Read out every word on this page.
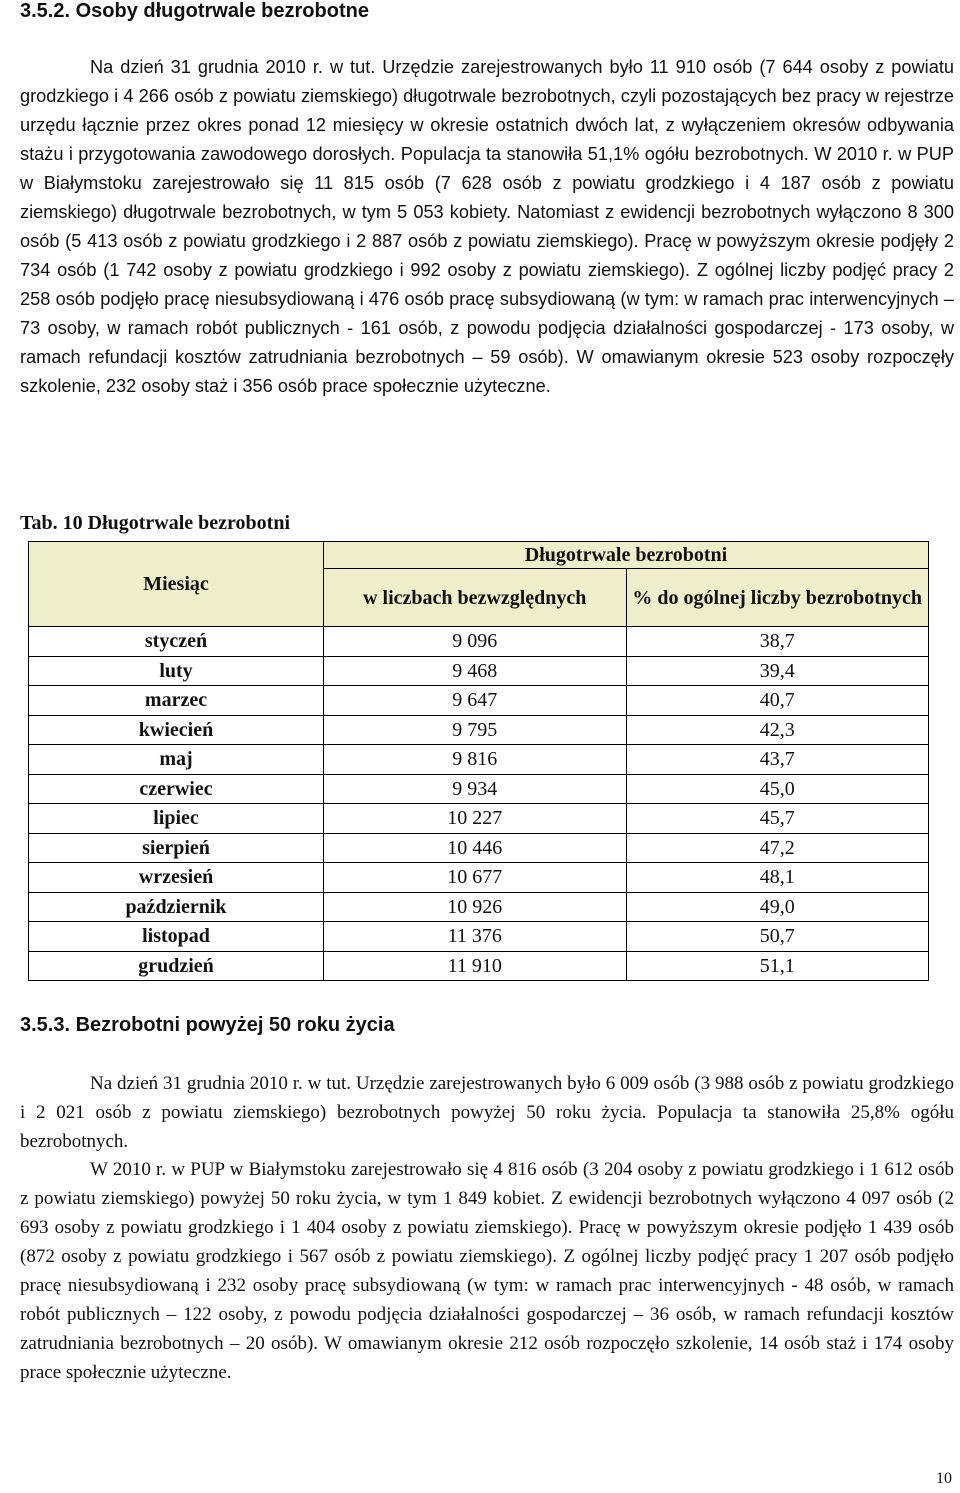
3.5.2. Osoby długotrwale bezrobotne

Na dzień 31 grudnia 2010 r. w tut. Urzędzie zarejestrowanych było 11 910 osób (7 644 osoby z powiatu grodzkiego i 4 266 osób z powiatu ziemskiego) długotrwale bezrobotnych, czyli pozostających bez pracy w rejestrze urzędu łącznie przez okres ponad 12 miesięcy w okresie ostatnich dwóch lat, z wyłączeniem okresów odbywania stażu i przygotowania zawodowego dorosłych. Populacja ta stanowiła 51,1% ogółu bezrobotnych. W 2010 r. w PUP w Białymstoku zarejestrowało się 11 815 osób (7 628 osób z powiatu grodzkiego i 4 187 osób z powiatu ziemskiego) długotrwale bezrobotnych, w tym 5 053 kobiety. Natomiast z ewidencji bezrobotnych wyłączono 8 300 osób (5 413 osób z powiatu grodzkiego i 2 887 osób z powiatu ziemskiego). Pracę w powyższym okresie podjęły 2 734 osób (1 742 osoby z powiatu grodzkiego i 992 osoby z powiatu ziemskiego). Z ogólnej liczby podjęć pracy 2 258 osób podjęło pracę niesubsydiowaną i 476 osób pracę subsydiowaną (w tym: w ramach prac interwencyjnych – 73 osoby, w ramach robót publicznych - 161 osób, z powodu podjęcia działalności gospodarczej - 173 osoby, w ramach refundacji kosztów zatrudniania bezrobotnych – 59 osób). W omawianym okresie 523 osoby rozpoczęły szkolenie, 232 osoby staż i 356 osób prace społecznie użyteczne.

Tab. 10 Długotrwale bezrobotni

Miesiąc	Długotrwale bezrobotni	
	w liczbach bezwzględnych	% do ogólnej liczby bezrobotnych
styczeń	9 096	38,7
luty	9 468	39,4
marzec	9 647	40,7
kwiecień	9 795	42,3
maj	9 816	43,7
czerwiec	9 934	45,0
lipiec	10 227	45,7
sierpień	10 446	47,2
wrzesień	10 677	48,1
październik	10 926	49,0
listopad	11 376	50,7
grudzień	11 910	51,1
3.5.3. Bezrobotni powyżej 50 roku życia

Na dzień 31 grudnia 2010 r. w tut. Urzędzie zarejestrowanych było 6 009 osób (3 988 osób z powiatu grodzkiego i 2 021 osób z powiatu ziemskiego) bezrobotnych powyżej 50 roku życia. Populacja ta stanowiła 25,8% ogółu bezrobotnych.

W 2010 r. w PUP w Białymstoku zarejestrowało się 4 816 osób (3 204 osoby z powiatu grodzkiego i 1 612 osób z powiatu ziemskiego) powyżej 50 roku życia, w tym 1 849 kobiet. Z ewidencji bezrobotnych wyłączono 4 097 osób (2 693 osoby z powiatu grodzkiego i 1 404 osoby z powiatu ziemskiego). Pracę w powyższym okresie podjęło 1 439 osób (872 osoby z powiatu grodzkiego i 567 osób z powiatu ziemskiego). Z ogólnej liczby podjęć pracy 1 207 osób podjęło pracę niesubsydiowaną i 232 osoby pracę subsydiowaną (w tym: w ramach prac interwencyjnych - 48 osób, w ramach robót publicznych – 122 osoby, z powodu podjęcia działalności gospodarczej – 36 osób, w ramach refundacji kosztów zatrudniania bezrobotnych – 20 osób). W omawianym okresie 212 osób rozpoczęło szkolenie, 14 osób staż i 174 osoby prace społecznie użyteczne.

10
